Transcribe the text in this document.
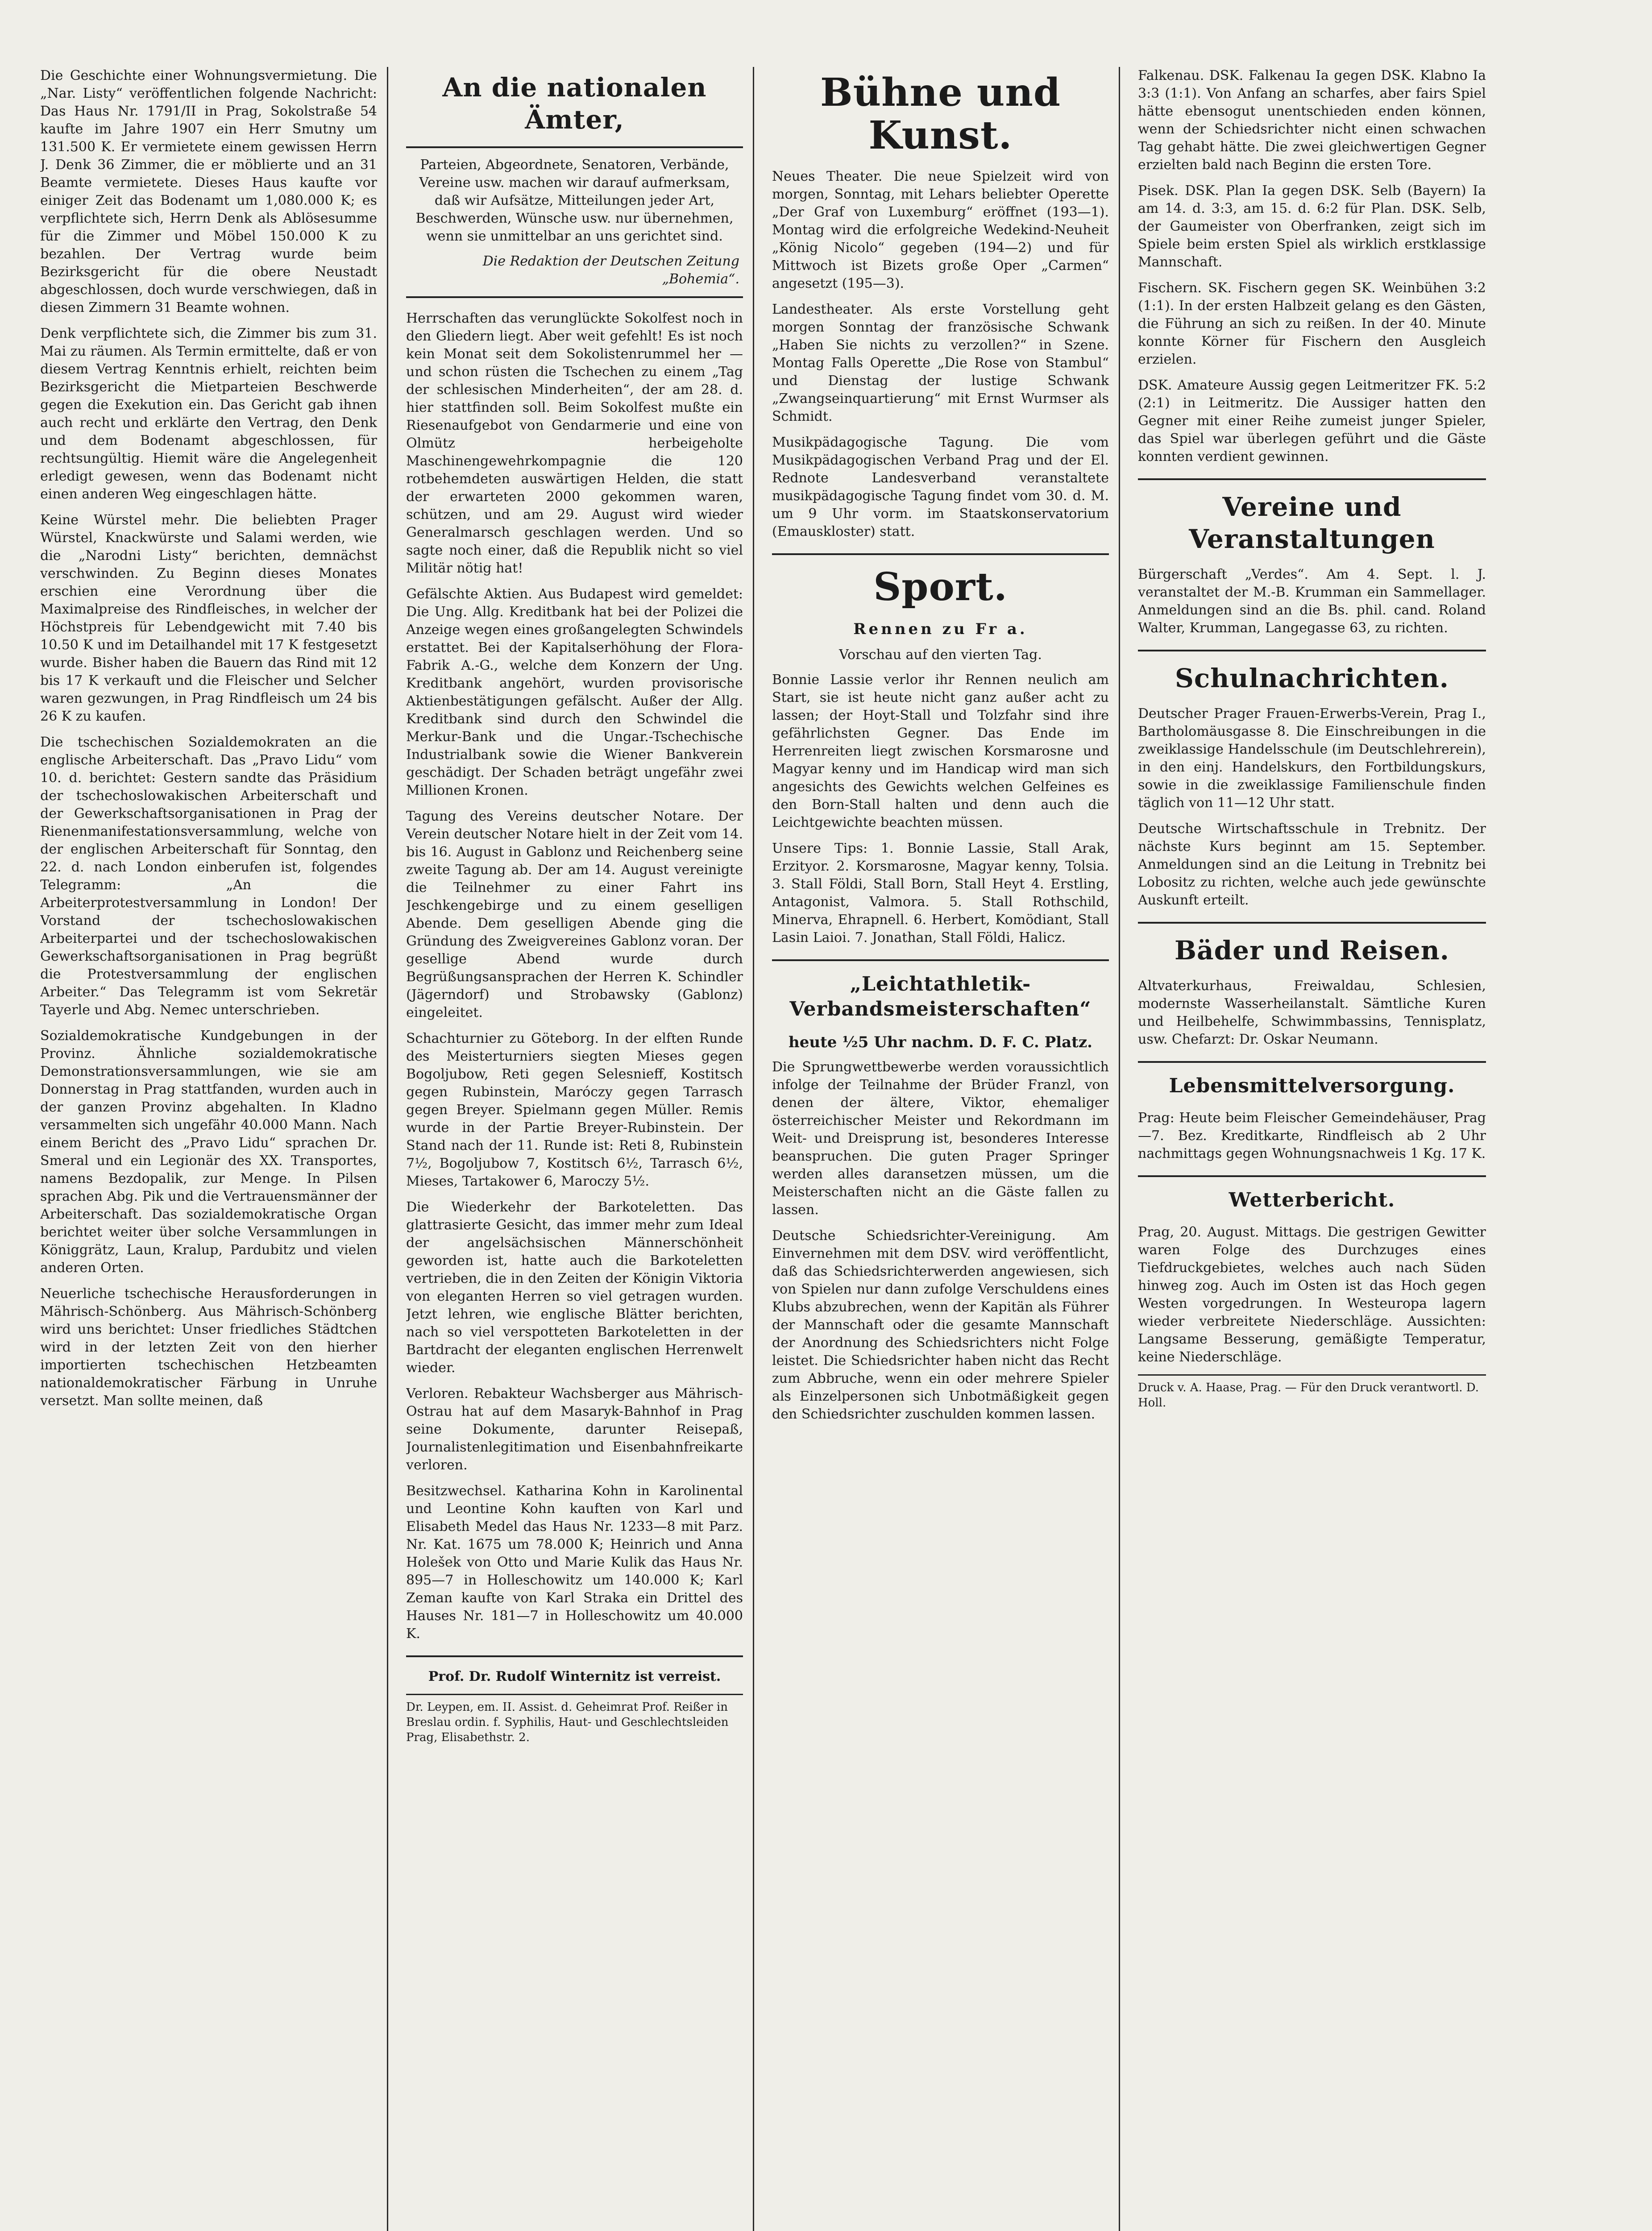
Die Geschichte einer Wohnungsvermietung. Die „Nar. Listy“ veröffentlichen folgende Nachricht: Das Haus Nr. 1791/II in Prag, Sokolstraße 54 kaufte im Jahre 1907 ein Herr Smutny um 131.500 K. Er vermietete einem gewissen Herrn J. Denk 36 Zimmer, die er möblierte und an 31 Beamte vermietete. Dieses Haus kaufte vor einiger Zeit das Bodenamt um 1,080.000 K; es verpflichtete sich, Herrn Denk als Ablösesumme für die Zimmer und Möbel 150.000 K zu bezahlen. Der Vertrag wurde beim Bezirksgericht für die obere Neustadt abgeschlossen, doch wurde verschwiegen, daß in diesen Zimmern 31 Beamte wohnen.

Denk verpflichtete sich, die Zimmer bis zum 31. Mai zu räumen. Als Termin ermittelte, daß er von diesem Vertrag Kenntnis erhielt, reichten beim Bezirksgericht die Mietparteien Beschwerde gegen die Exekution ein. Das Gericht gab ihnen auch recht und erklärte den Vertrag, den Denk und dem Bodenamt abgeschlossen, für rechtsungültig. Hiemit wäre die Angelegenheit erledigt gewesen, wenn das Bodenamt nicht einen anderen Weg eingeschlagen hätte.

Keine Würstel mehr. Die beliebten Prager Würstel, Knackwürste und Salami werden, wie die „Narodni Listy“ berichten, demnächst verschwinden. Zu Beginn dieses Monates erschien eine Verordnung über die Maximalpreise des Rindfleisches, in welcher der Höchstpreis für Lebendgewicht mit 7.40 bis 10.50 K und im Detailhandel mit 17 K festgesetzt wurde. Bisher haben die Bauern das Rind mit 12 bis 17 K verkauft und die Fleischer und Selcher waren gezwungen, in Prag Rindfleisch um 24 bis 26 K zu kaufen.

Die tschechischen Sozialdemokraten an die englische Arbeiterschaft. Das „Pravo Lidu“ vom 10. d. berichtet: Gestern sandte das Präsidium der tschechoslowakischen Arbeiterschaft und der Gewerkschaftsorganisationen in Prag der Rienenmanifestationsversammlung, welche von der englischen Arbeiterschaft für Sonntag, den 22. d. nach London einberufen ist, folgendes Telegramm: „An die Arbeiterprotestversammlung in London! Der Vorstand der tschechoslowakischen Arbeiterpartei und der tschechoslowakischen Gewerkschaftsorganisationen in Prag begrüßt die Protestversammlung der englischen Arbeiter.“ Das Telegramm ist vom Sekretär Tayerle und Abg. Nemec unterschrieben.

Sozialdemokratische Kundgebungen in der Provinz. Ähnliche sozialdemokratische Demonstrationsversammlungen, wie sie am Donnerstag in Prag stattfanden, wurden auch in der ganzen Provinz abgehalten. In Kladno versammelten sich ungefähr 40.000 Mann. Nach einem Bericht des „Pravo Lidu“ sprachen Dr. Smeral und ein Legionär des XX. Transportes, namens Bezdopalik, zur Menge. In Pilsen sprachen Abg. Pik und die Vertrauensmänner der Arbeiterschaft. Das sozialdemokratische Organ berichtet weiter über solche Versammlungen in Königgrätz, Laun, Kralup, Pardubitz und vielen anderen Orten.

Neuerliche tschechische Herausforderungen in Mährisch-Schönberg. Aus Mährisch-Schönberg wird uns berichtet: Unser friedliches Städtchen wird in der letzten Zeit von den hierher importierten tschechischen Hetzbeamten nationaldemokratischer Färbung in Unruhe versetzt. Man sollte meinen, daß

An die nationalen Ämter,
Parteien, Abgeordnete, Senatoren, Verbände, Vereine usw. machen wir darauf aufmerksam, daß wir Aufsätze, Mitteilungen jeder Art, Beschwerden, Wünsche usw. nur übernehmen, wenn sie unmittelbar an uns gerichtet sind.
Die Redaktion der Deutschen Zeitung „Bohemia“.

Herrschaften das verunglückte Sokolfest noch in den Gliedern liegt. Aber weit gefehlt! Es ist noch kein Monat seit dem Sokolistenrummel her — und schon rüsten die Tschechen zu einem „Tag der schlesischen Minderheiten“, der am 28. d. hier stattfinden soll. Beim Sokolfest mußte ein Riesenaufgebot von Gendarmerie und eine von Olmütz herbeigeholte Maschinengewehrkompagnie die 120 rotbehemdeten auswärtigen Helden, die statt der erwarteten 2000 gekommen waren, schützen, und am 29. August wird wieder Generalmarsch geschlagen werden. Und so sagte noch einer, daß die Republik nicht so viel Militär nötig hat!

Gefälschte Aktien. Aus Budapest wird gemeldet: Die Ung. Allg. Kreditbank hat bei der Polizei die Anzeige wegen eines großangelegten Schwindels erstattet. Bei der Kapitalserhöhung der Flora-Fabrik A.-G., welche dem Konzern der Ung. Kreditbank angehört, wurden provisorische Aktienbestätigungen gefälscht. Außer der Allg. Kreditbank sind durch den Schwindel die Merkur-Bank und die Ungar.-Tschechische Industrialbank sowie die Wiener Bankverein geschädigt. Der Schaden beträgt ungefähr zwei Millionen Kronen.

Tagung des Vereins deutscher Notare. Der Verein deutscher Notare hielt in der Zeit vom 14. bis 16. August in Gablonz und Reichenberg seine zweite Tagung ab. Der am 14. August vereinigte die Teilnehmer zu einer Fahrt ins Jeschkengebirge und zu einem geselligen Abende. Dem geselligen Abende ging die Gründung des Zweigvereines Gablonz voran. Der gesellige Abend wurde durch Begrüßungsansprachen der Herren K. Schindler (Jägerndorf) und Strobawsky (Gablonz) eingeleitet.

Schachturnier zu Göteborg. In der elften Runde des Meisterturniers siegten Mieses gegen Bogoljubow, Reti gegen Selesnieff, Kostitsch gegen Rubinstein, Maróczy gegen Tarrasch gegen Breyer. Spielmann gegen Müller. Remis wurde in der Partie Breyer-Rubinstein. Der Stand nach der 11. Runde ist: Reti 8, Rubinstein 7½, Bogoljubow 7, Kostitsch 6½, Tarrasch 6½, Mieses, Tartakower 6, Maroczy 5½.

Die Wiederkehr der Barkoteletten. Das glattrasierte Gesicht, das immer mehr zum Ideal der angelsächsischen Männerschönheit geworden ist, hatte auch die Barkoteletten vertrieben, die in den Zeiten der Königin Viktoria von eleganten Herren so viel getragen wurden. Jetzt lehren, wie englische Blätter berichten, nach so viel verspotteten Barkoteletten in der Bartdracht der eleganten englischen Herrenwelt wieder.

Verloren. Rebakteur Wachsberger aus Mährisch-Ostrau hat auf dem Masaryk-Bahnhof in Prag seine Dokumente, darunter Reisepaß, Journalistenlegitimation und Eisenbahnfreikarte verloren.

Besitzwechsel. Katharina Kohn in Karolinental und Leontine Kohn kauften von Karl und Elisabeth Medel das Haus Nr. 1233—8 mit Parz. Nr. Kat. 1675 um 78.000 K; Heinrich und Anna Holešek von Otto und Marie Kulik das Haus Nr. 895—7 in Holleschowitz um 140.000 K; Karl Zeman kaufte von Karl Straka ein Drittel des Hauses Nr. 181—7 in Holleschowitz um 40.000 K.

Prof. Dr. Rudolf Winternitz ist verreist.

Dr. Leypen, em. II. Assist. d. Geheimrat Prof. Reißer in Breslau ordin. f. Syphilis, Haut- und Geschlechtsleiden Prag, Elisabethstr. 2.
Bühne und Kunst.

Neues Theater. Die neue Spielzeit wird von morgen, Sonntag, mit Lehars beliebter Operette „Der Graf von Luxemburg“ eröffnet (193—1). Montag wird die erfolgreiche Wedekind-Neuheit „König Nicolo“ gegeben (194—2) und für Mittwoch ist Bizets große Oper „Carmen“ angesetzt (195—3).

Landestheater. Als erste Vorstellung geht morgen Sonntag der französische Schwank „Haben Sie nichts zu verzollen?“ in Szene. Montag Falls Operette „Die Rose von Stambul“ und Dienstag der lustige Schwank „Zwangseinquartierung“ mit Ernst Wurmser als Schmidt.

Musikpädagogische Tagung. Die vom Musikpädagogischen Verband Prag und der El. Rednote Landesverband veranstaltete musikpädagogische Tagung findet vom 30. d. M. um 9 Uhr vorm. im Staatskonservatorium (Emauskloster) statt.

Sport.
Rennen zu Fr a.
Vorschau auf den vierten Tag.

Bonnie Lassie verlor ihr Rennen neulich am Start, sie ist heute nicht ganz außer acht zu lassen; der Hoyt-Stall und Tolzfahr sind ihre gefährlichsten Gegner. Das Ende im Herrenreiten liegt zwischen Korsmarosne und Magyar kenny und im Handicap wird man sich angesichts des Gewichts welchen Gelfeines es den Born-Stall halten und denn auch die Leichtgewichte beachten müssen.

Unsere Tips: 1. Bonnie Lassie, Stall Arak, Erzityor. 2. Korsmarosne, Magyar kenny, Tolsia. 3. Stall Földi, Stall Born, Stall Heyt 4. Erstling, Antagonist, Valmora. 5. Stall Rothschild, Minerva, Ehrapnell. 6. Herbert, Komödiant, Stall Lasin Laioi. 7. Jonathan, Stall Földi, Halicz.

„Leichtathletik-Verbandsmeisterschaften“
heute ½5 Uhr nachm. D. F. C. Platz.

Die Sprungwettbewerbe werden voraussichtlich infolge der Teilnahme der Brüder Franzl, von denen der ältere, Viktor, ehemaliger österreichischer Meister und Rekordmann im Weit- und Dreisprung ist, besonderes Interesse beanspruchen. Die guten Prager Springer werden alles daransetzen müssen, um die Meisterschaften nicht an die Gäste fallen zu lassen.

Deutsche Schiedsrichter-Vereinigung. Am Einvernehmen mit dem DSV. wird veröffentlicht, daß das Schiedsrichterwerden angewiesen, sich von Spielen nur dann zufolge Verschuldens eines Klubs abzubrechen, wenn der Kapitän als Führer der Mannschaft oder die gesamte Mannschaft der Anordnung des Schiedsrichters nicht Folge leistet. Die Schiedsrichter haben nicht das Recht zum Abbruche, wenn ein oder mehrere Spieler als Einzelpersonen sich Unbotmäßigkeit gegen den Schiedsrichter zuschulden kommen lassen.

Falkenau. DSK. Falkenau Ia gegen DSK. Klabno Ia 3:3 (1:1). Von Anfang an scharfes, aber fairs Spiel hätte ebensogut unentschieden enden können, wenn der Schiedsrichter nicht einen schwachen Tag gehabt hätte. Die zwei gleichwertigen Gegner erzielten bald nach Beginn die ersten Tore.

Pisek. DSK. Plan Ia gegen DSK. Selb (Bayern) Ia am 14. d. 3:3, am 15. d. 6:2 für Plan. DSK. Selb, der Gaumeister von Oberfranken, zeigt sich im Spiele beim ersten Spiel als wirklich erstklassige Mannschaft.

Fischern. SK. Fischern gegen SK. Weinbühen 3:2 (1:1). In der ersten Halbzeit gelang es den Gästen, die Führung an sich zu reißen. In der 40. Minute konnte Körner für Fischern den Ausgleich erzielen.

DSK. Amateure Aussig gegen Leitmeritzer FK. 5:2 (2:1) in Leitmeritz. Die Aussiger hatten den Gegner mit einer Reihe zumeist junger Spieler, das Spiel war überlegen geführt und die Gäste konnten verdient gewinnen.

Vereine und Veranstaltungen

Bürgerschaft „Verdes“. Am 4. Sept. l. J. veranstaltet der M.-B. Krumman ein Sammellager. Anmeldungen sind an die Bs. phil. cand. Roland Walter, Krumman, Langegasse 63, zu richten.

Schulnachrichten.

Deutscher Prager Frauen-Erwerbs-Verein, Prag I., Bartholomäusgasse 8. Die Einschreibungen in die zweiklassige Handelsschule (im Deutschlehrerein), in den einj. Handelskurs, den Fortbildungskurs, sowie in die zweiklassige Familienschule finden täglich von 11—12 Uhr statt.

Deutsche Wirtschaftsschule in Trebnitz. Der nächste Kurs beginnt am 15. September. Anmeldungen sind an die Leitung in Trebnitz bei Lobositz zu richten, welche auch jede gewünschte Auskunft erteilt.

Bäder und Reisen.

Altvaterkurhaus, Freiwaldau, Schlesien, modernste Wasserheilanstalt. Sämtliche Kuren und Heilbehelfe, Schwimmbassins, Tennisplatz, usw. Chefarzt: Dr. Oskar Neumann.

Lebensmittelversorgung.

Prag: Heute beim Fleischer Gemeindehäuser, Prag—7. Bez. Kreditkarte, Rindfleisch ab 2 Uhr nachmittags gegen Wohnungsnachweis 1 Kg. 17 K.

Wetterbericht.

Prag, 20. August. Mittags. Die gestrigen Gewitter waren Folge des Durchzuges eines Tiefdruckgebietes, welches auch nach Süden hinweg zog. Auch im Osten ist das Hoch gegen Westen vorgedrungen. In Westeuropa lagern wieder verbreitete Niederschläge. Aussichten: Langsame Besserung, gemäßigte Temperatur, keine Niederschläge.

Druck v. A. Haase, Prag. — Für den Druck verantwortl. D. Holl.
